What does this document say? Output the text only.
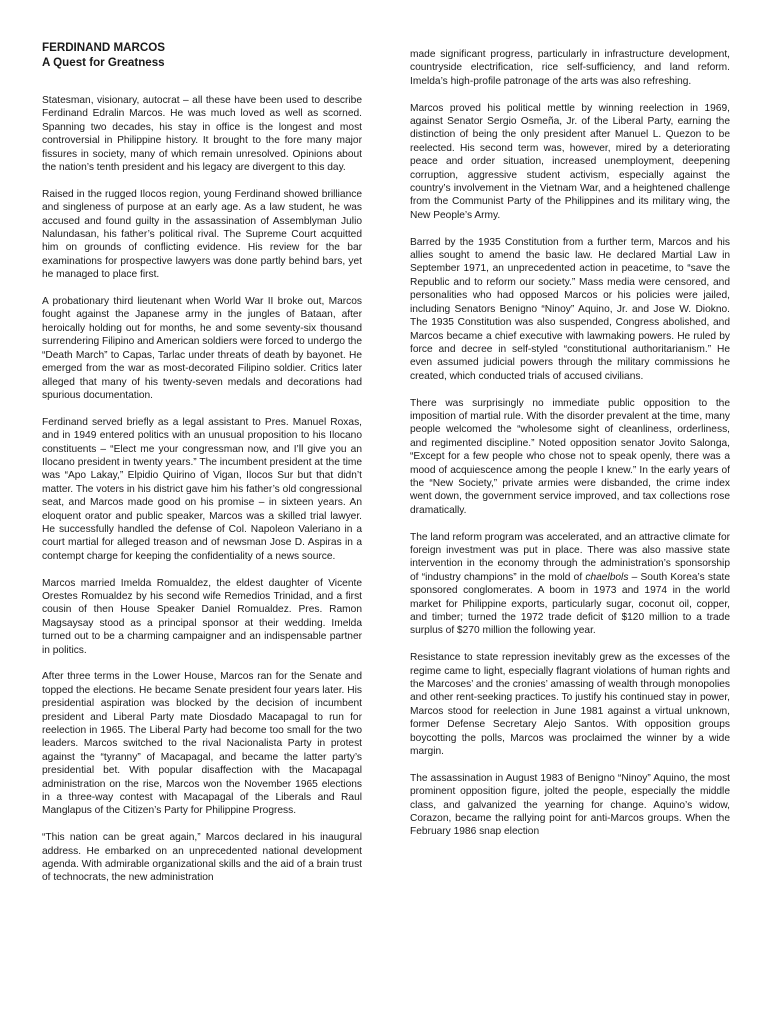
FERDINAND MARCOS

A Quest for Greatness

Statesman, visionary, autocrat – all these have been used to describe Ferdinand Edralin Marcos. He was much loved as well as scorned. Spanning two decades, his stay in office is the longest and most controversial in Philippine history. It brought to the fore many major fissures in society, many of which remain unresolved. Opinions about the nation’s tenth president and his legacy are divergent to this day.

Raised in the rugged Ilocos region, young Ferdinand showed brilliance and singleness of purpose at an early age. As a law student, he was accused and found guilty in the assassination of Assemblyman Julio Nalundasan, his father’s political rival. The Supreme Court acquitted him on grounds of conflicting evidence. His review for the bar examinations for prospective lawyers was done partly behind bars, yet he managed to place first.

A probationary third lieutenant when World War II broke out, Marcos fought against the Japanese army in the jungles of Bataan, after heroically holding out for months, he and some seventy-six thousand surrendering Filipino and American soldiers were forced to undergo the “Death March” to Capas, Tarlac under threats of death by bayonet. He emerged from the war as most-decorated Filipino soldier. Critics later alleged that many of his twenty-seven medals and decorations had spurious documentation.

Ferdinand served briefly as a legal assistant to Pres. Manuel Roxas, and in 1949 entered politics with an unusual proposition to his Ilocano constituents – “Elect me your congressman now, and I’ll give you an Ilocano president in twenty years.” The incumbent president at the time was “Apo Lakay,” Elpidio Quirino of Vigan, Ilocos Sur but that didn’t matter. The voters in his district gave him his father’s old congressional seat, and Marcos made good on his promise – in sixteen years. An eloquent orator and public speaker, Marcos was a skilled trial lawyer. He successfully handled the defense of Col. Napoleon Valeriano in a court martial for alleged treason and of newsman Jose D. Aspiras in a contempt charge for keeping the confidentiality of a news source.

Marcos married Imelda Romualdez, the eldest daughter of Vicente Orestes Romualdez by his second wife Remedios Trinidad, and a first cousin of then House Speaker Daniel Romualdez. Pres. Ramon Magsaysay stood as a principal sponsor at their wedding. Imelda turned out to be a charming campaigner and an indispensable partner in politics.

After three terms in the Lower House, Marcos ran for the Senate and topped the elections. He became Senate president four years later. His presidential aspiration was blocked by the decision of incumbent president and Liberal Party mate Diosdado Macapagal to run for reelection in 1965. The Liberal Party had become too small for the two leaders. Marcos switched to the rival Nacionalista Party in protest against the “tyranny” of Macapagal, and became the latter party’s presidential bet. With popular disaffection with the Macapagal administration on the rise, Marcos won the November 1965 elections in a three-way contest with Macapagal of the Liberals and Raul Manglapus of the Citizen’s Party for Philippine Progress.

“This nation can be great again,” Marcos declared in his inaugural address. He embarked on an unprecedented national development agenda. With admirable organizational skills and the aid of a brain trust of technocrats, the new administration

made significant progress, particularly in infrastructure development, countryside electrification, rice self-sufficiency, and land reform. Imelda’s high-profile patronage of the arts was also refreshing.

Marcos proved his political mettle by winning reelection in 1969, against Senator Sergio Osmeña, Jr. of the Liberal Party, earning the distinction of being the only president after Manuel L. Quezon to be reelected. His second term was, however, mired by a deteriorating peace and order situation, increased unemployment, deepening corruption, aggressive student activism, especially against the country’s involvement in the Vietnam War, and a heightened challenge from the Communist Party of the Philippines and its military wing, the New People’s Army.

Barred by the 1935 Constitution from a further term, Marcos and his allies sought to amend the basic law. He declared Martial Law in September 1971, an unprecedented action in peacetime, to “save the Republic and to reform our society.” Mass media were censored, and personalities who had opposed Marcos or his policies were jailed, including Senators Benigno “Ninoy” Aquino, Jr. and Jose W. Diokno. The 1935 Constitution was also suspended, Congress abolished, and Marcos became a chief executive with lawmaking powers. He ruled by force and decree in self-styled “constitutional authoritarianism.” He even assumed judicial powers through the military commissions he created, which conducted trials of accused civilians.

There was surprisingly no immediate public opposition to the imposition of martial rule. With the disorder prevalent at the time, many people welcomed the “wholesome sight of cleanliness, orderliness, and regimented discipline.” Noted opposition senator Jovito Salonga, “Except for a few people who chose not to speak openly, there was a mood of acquiescence among the people I knew.” In the early years of the “New Society,” private armies were disbanded, the crime index went down, the government service improved, and tax collections rose dramatically.

The land reform program was accelerated, and an attractive climate for foreign investment was put in place. There was also massive state intervention in the economy through the administration’s sponsorship of “industry champions” in the mold of chaelbols – South Korea’s state sponsored conglomerates. A boom in 1973 and 1974 in the world market for Philippine exports, particularly sugar, coconut oil, copper, and timber; turned the 1972 trade deficit of $120 million to a trade surplus of $270 million the following year.

Resistance to state repression inevitably grew as the excesses of the regime came to light, especially flagrant violations of human rights and the Marcoses’ and the cronies’ amassing of wealth through monopolies and other rent-seeking practices. To justify his continued stay in power, Marcos stood for reelection in June 1981 against a virtual unknown, former Defense Secretary Alejo Santos. With opposition groups boycotting the polls, Marcos was proclaimed the winner by a wide margin.

The assassination in August 1983 of Benigno “Ninoy” Aquino, the most prominent opposition figure, jolted the people, especially the middle class, and galvanized the yearning for change. Aquino’s widow, Corazon, became the rallying point for anti-Marcos groups. When the February 1986 snap election
